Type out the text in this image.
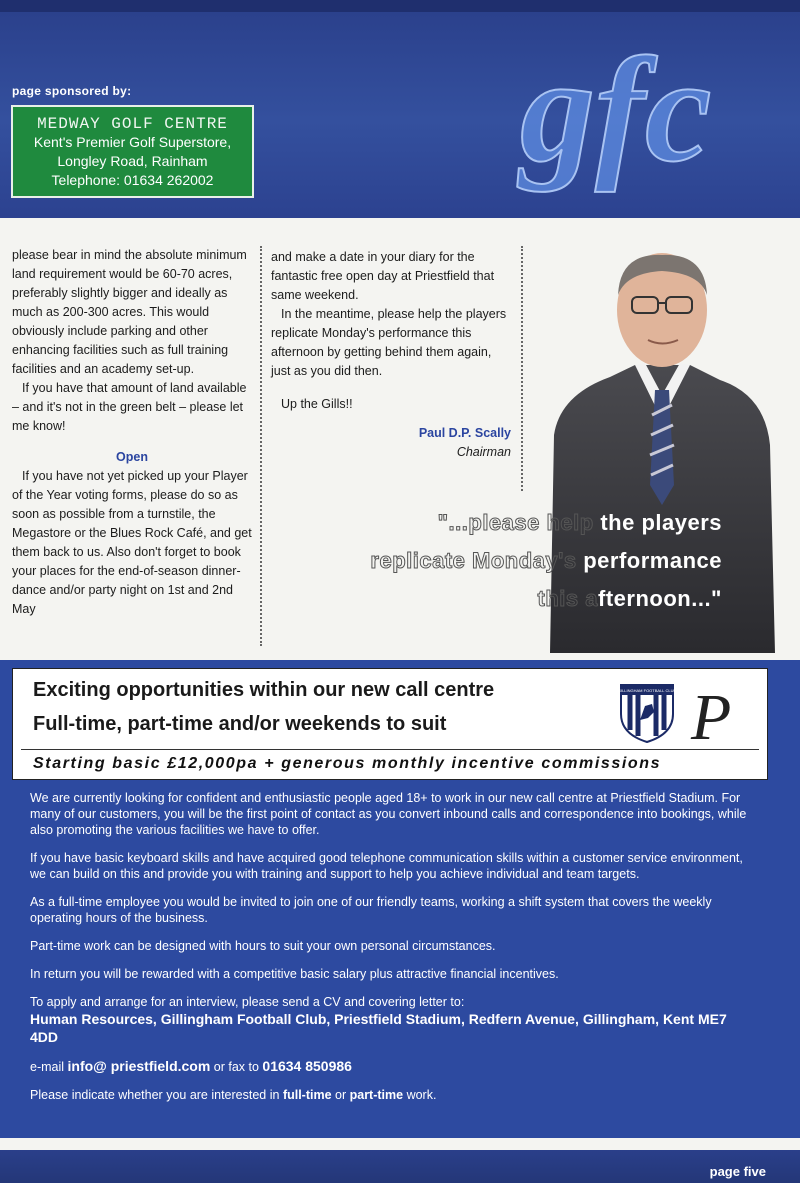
page sponsored by:
MEDWAY GOLF CENTRE
Kent's Premier Golf Superstore,
Longley Road, Rainham
Telephone: 01634 262002 gfc

please bear in mind the absolute minimum land requirement would be 60-70 acres, preferably slightly bigger and ideally as much as 200-300 acres. This would obviously include parking and other enhancing facilities such as full training facilities and an academy set-up.

If you have that amount of land available – and it's not in the green belt – please let me know!

Open

If you have not yet picked up your Player of the Year voting forms, please do so as soon as possible from a turnstile, the Megastore or the Blues Rock Café, and get them back to us. Also don't forget to book your places for the end-of-season dinner-dance and/or party night on 1st and 2nd May

and make a date in your diary for the fantastic free open day at Priestfield that same weekend.

In the meantime, please help the players replicate Monday's performance this afternoon by getting behind them again, just as you did then.

Up the Gills!!

Paul D.P. Scally
Chairman
"...please help the players
replicate Monday's performance
this afternoon..."
Exciting opportunities within our new call centre
Full-time, part-time and/or weekends to suit
GILLINGHAM FOOTBALL CLUB P
Starting basic £12,000pa + generous monthly incentive commissions

We are currently looking for confident and enthusiastic people aged 18+ to work in our new call centre at Priestfield Stadium. For many of our customers, you will be the first point of contact as you convert inbound calls and correspondence into bookings, while also promoting the various facilities we have to offer.

If you have basic keyboard skills and have acquired good telephone communication skills within a customer service environment, we can build on this and provide you with training and support to help you achieve individual and team targets.

As a full-time employee you would be invited to join one of our friendly teams, working a shift system that covers the weekly operating hours of the business.

Part-time work can be designed with hours to suit your own personal circumstances.

In return you will be rewarded with a competitive basic salary plus attractive financial incentives.

To apply and arrange for an interview, please send a CV and covering letter to:

Human Resources, Gillingham Football Club, Priestfield Stadium, Redfern Avenue, Gillingham, Kent ME7 4DD

e-mail info@ priestfield.com or fax to 01634 850986

Please indicate whether you are interested in full-time or part-time work.

page five
